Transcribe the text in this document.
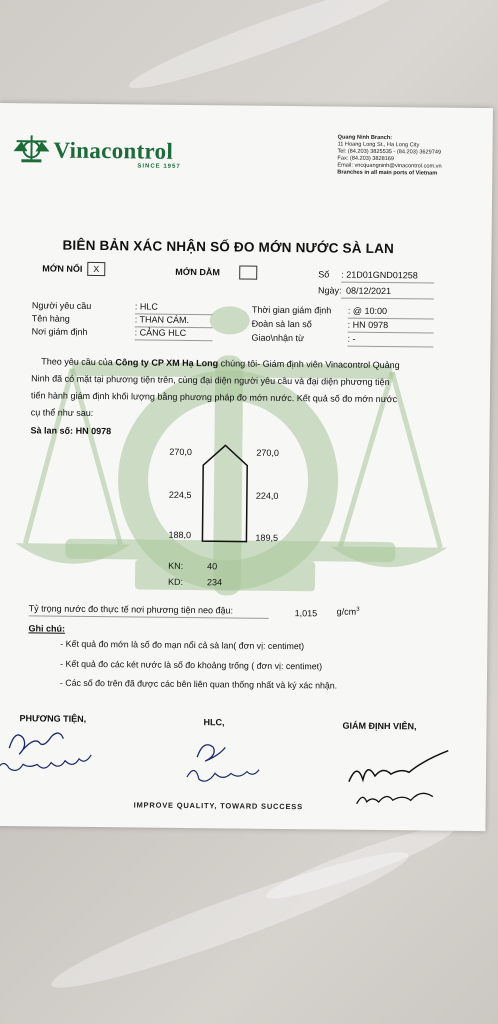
Vinacontrol
SINCE 1957
Quang Ninh Branch:
11 Hoang Long St., Ha Long City
Tel: (84.203) 3825535 - (84.203) 3629749
Fax: (84.203) 3828169
Email: vncquangninh@vinacontrol.com.vn
Branches in all main ports of Vietnam
BIÊN BẢN XÁC NHẬN SỐ ĐO MỚN NƯỚC SÀ LAN
MỚN NỔI	X	MỚN DẰM	Số : 21D01GND01258
Ngày: 08/12/2021
Người yêu cầu	: HLC
Tên hàng	: THAN CÁM.
Nơi giám định	: CẢNG HLC
Thời gian giám định : @ 10:00
Đoàn sà lan số	: HN 0978
Giao\nhận từ	: -
Theo yêu cầu của Công ty CP XM Hạ Long chúng tôi- Giám định viên Vinacontrol Quảng
Ninh đã có mặt tại phương tiện trên, cùng đại diện người yêu cầu và đại diện phương tiện
tiến hành giám định khối lượng bằng phương pháp đo mớn nước. Kết quả số đo mớn nước
cụ thể như sau:
Sà lan số: HN 0978
270,0	270,0
224,5	224,0
188,0	189,5
KN:	40
KD:	234
Tỷ trọng nước đo thực tế nơi phương tiện neo đậu:	1,015 $g/cm^3$
Ghi chú:
- Kết quả đo mớn là số đo mạn nổi cả sà lan( đơn vị: centimet)
- Kết quả đo các két nước là số đo khoảng trống ( đơn vị: centimet)
- Các số đo trên đã được các bên liên quan thống nhất và ký xác nhận.
PHƯƠNG TIỆN,	HLC,	GIÁM ĐỊNH VIÊN,
IMPROVE QUALITY, TOWARD SUCCESS
